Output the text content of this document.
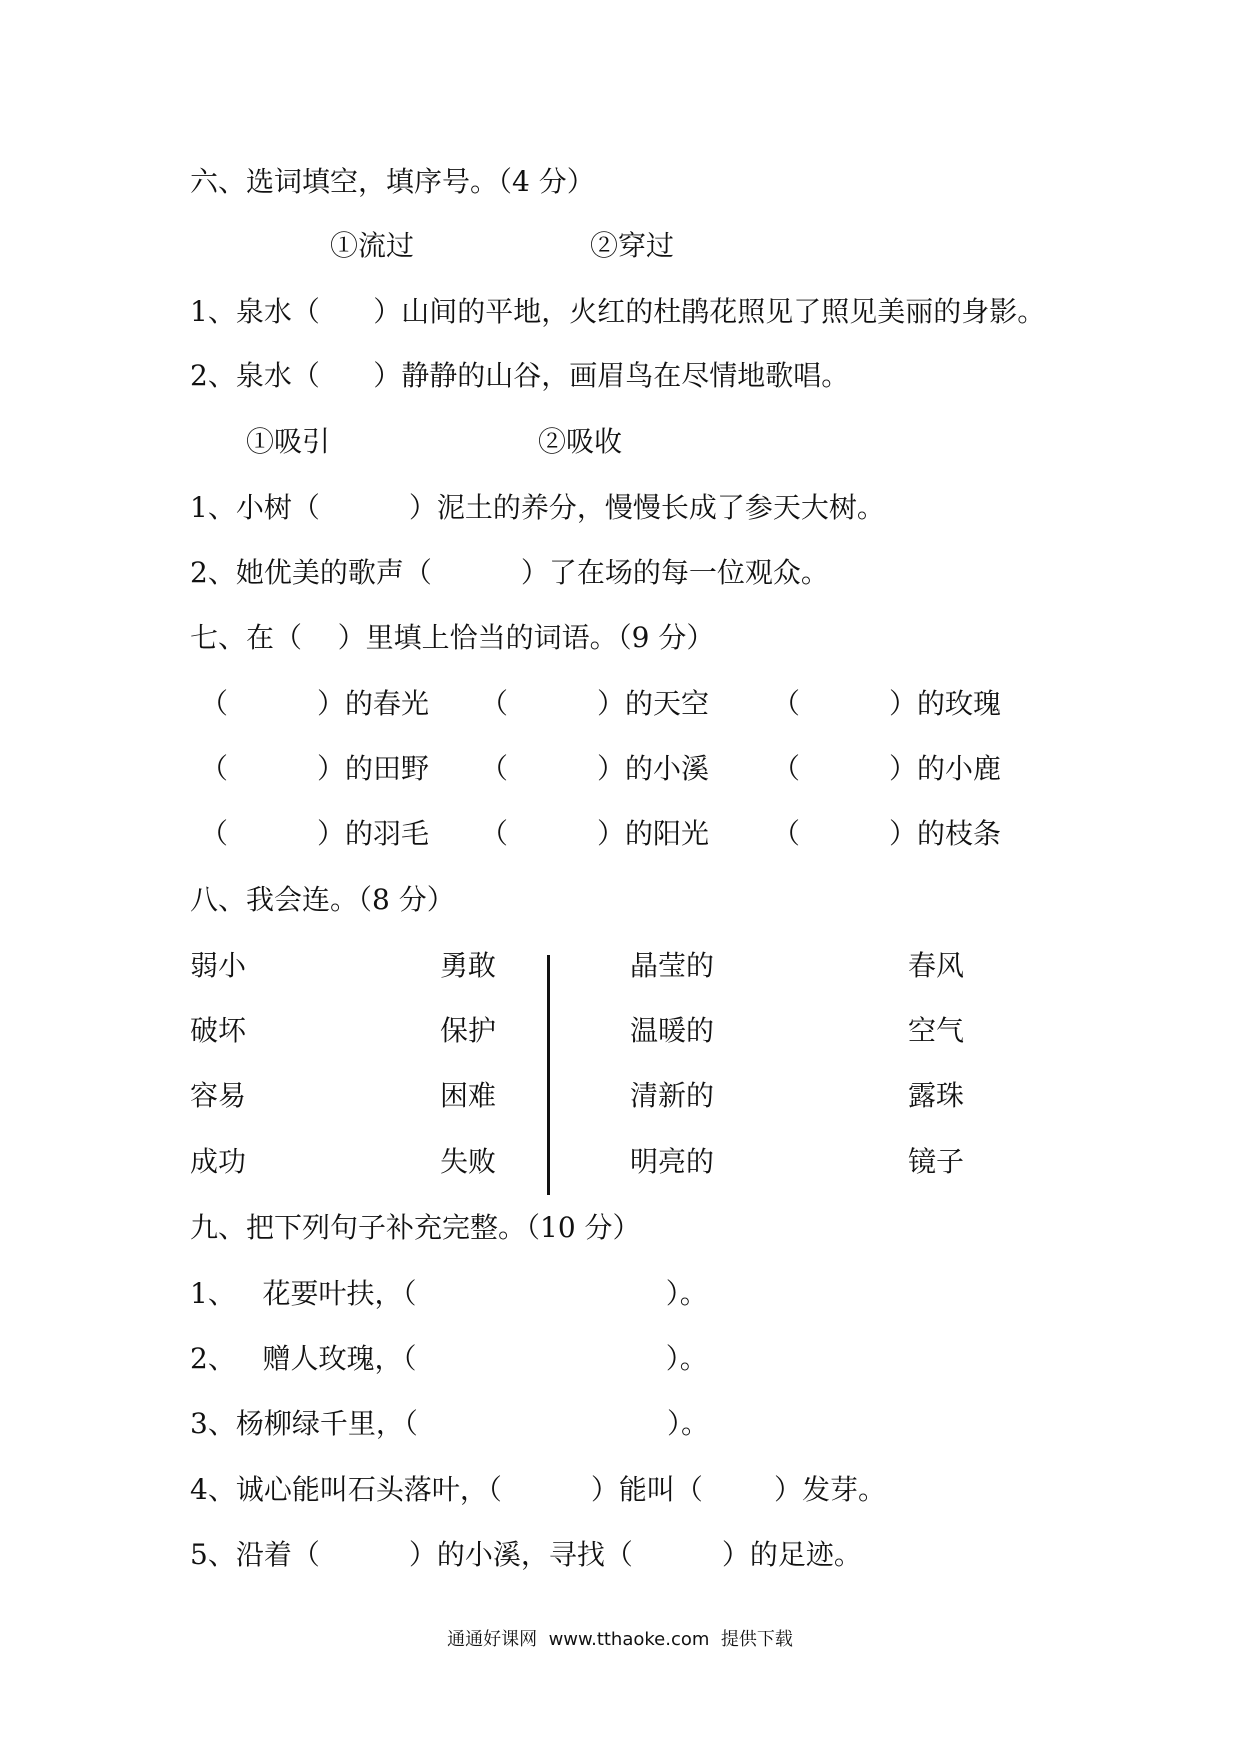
六、选词填空，填序号。（4 分）
①流过	②穿过
1、泉水（      ）山间的平地，火红的杜鹃花照见了照见美丽的身影。
2、泉水（      ）静静的山谷，画眉鸟在尽情地歌唱。
①吸引	②吸收
1、小树（          ）泥土的养分，慢慢长成了参天大树。
2、她优美的歌声（          ）了在场的每一位观众。
七、在（    ）里填上恰当的词语。（9 分）
（          ）的春光 （          ）的天空 （          ）的玫瑰
（          ）的田野 （          ）的小溪 （          ）的小鹿
（          ）的羽毛 （          ）的阳光 （          ）的枝条
八、我会连。（8 分）
弱小
破坏
容易
成功
勇敢
保护
困难
失败
晶莹的
温暖的
清新的
明亮的
春风
空气
露珠
镜子
九、把下列句子补充完整。（10 分）
1、   花要叶扶，（                            ）。
2、   赠人玫瑰，（                            ）。
3、杨柳绿千里，（                            ）。
4、诚心能叫石头落叶，（          ）能叫（        ）发芽。
5、沿着（          ）的小溪，寻找（          ）的足迹。
通通好课网  www.tthaoke.com  提供下载
